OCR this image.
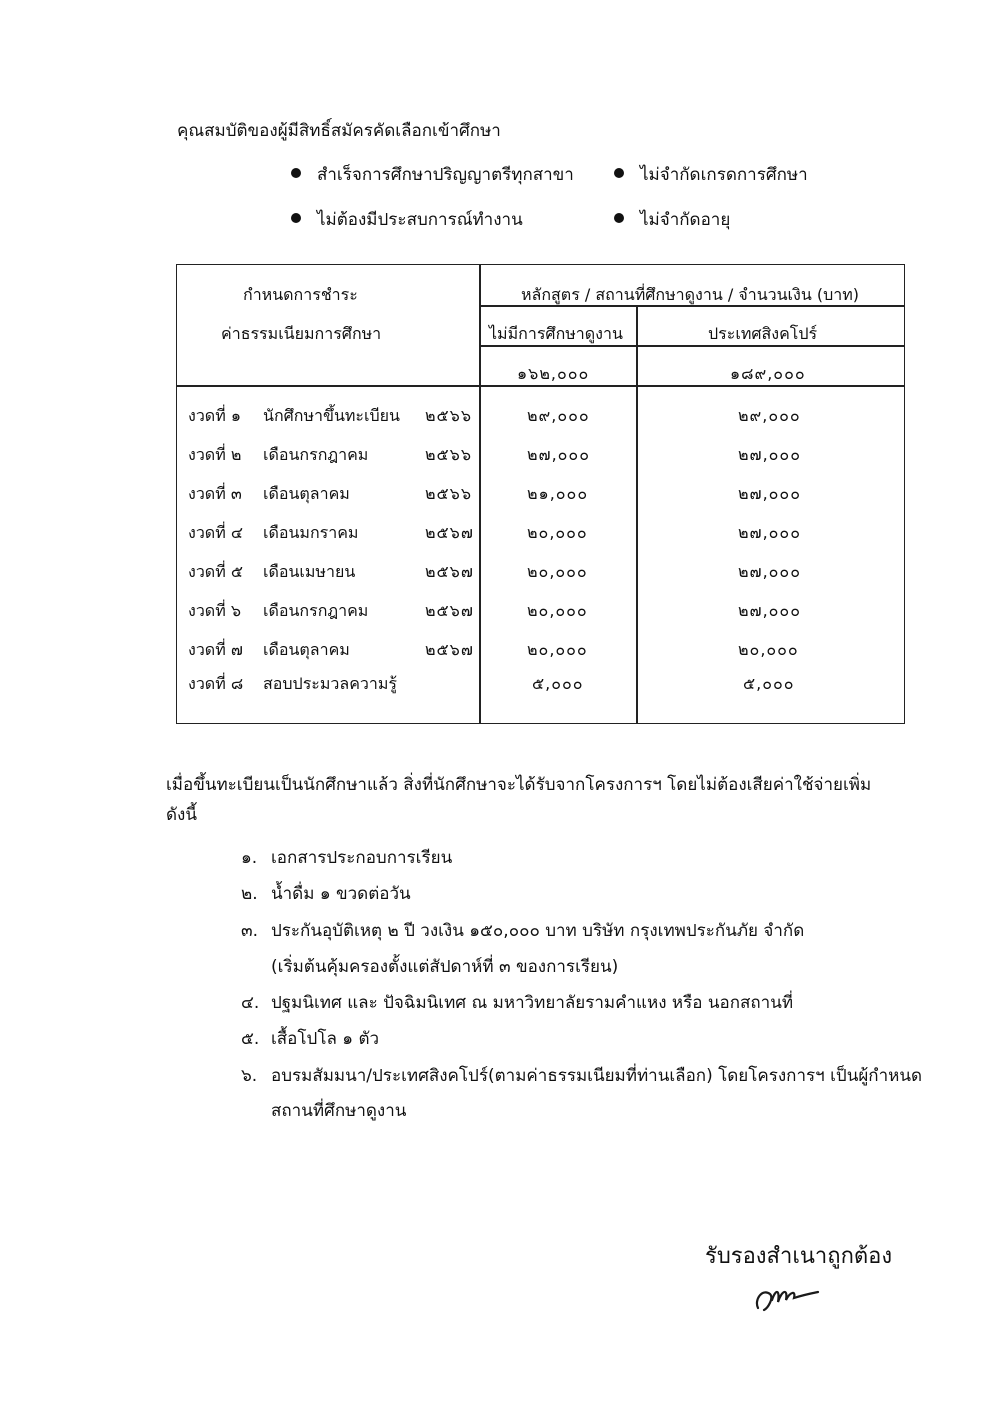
คุณสมบัติของผู้มีสิทธิ์สมัครคัดเลือกเข้าศึกษา
สำเร็จการศึกษาปริญญาตรีทุกสาขา	ไม่จำกัดเกรดการศึกษา
ไม่ต้องมีประสบการณ์ทำงาน	ไม่จำกัดอายุ
กำหนดการชำระ
ค่าธรรมเนียมการศึกษา
หลักสูตร / สถานที่ศึกษาดูงาน / จำนวนเงิน (บาท)
ไม่มีการศึกษาดูงาน	ประเทศสิงคโปร์
๑๖๒,๐๐๐	๑๘๙,๐๐๐
งวดที่ ๑ นักศึกษาขึ้นทะเบียน ๒๕๖๖	๒๙,๐๐๐	๒๙,๐๐๐
งวดที่ ๒ เดือนกรกฎาคม	๒๕๖๖	๒๗,๐๐๐	๒๗,๐๐๐
งวดที่ ๓ เดือนตุลาคม	๒๕๖๖	๒๑,๐๐๐	๒๗,๐๐๐
งวดที่ ๔ เดือนมกราคม	๒๕๖๗	๒๐,๐๐๐	๒๗,๐๐๐
งวดที่ ๕ เดือนเมษายน	๒๕๖๗	๒๐,๐๐๐	๒๗,๐๐๐
งวดที่ ๖ เดือนกรกฎาคม	๒๕๖๗	๒๐,๐๐๐	๒๗,๐๐๐
งวดที่ ๗ เดือนตุลาคม	๒๕๖๗	๒๐,๐๐๐	๒๐,๐๐๐
งวดที่ ๘ สอบประมวลความรู้	๕,๐๐๐	๕,๐๐๐
เมื่อขึ้นทะเบียนเป็นนักศึกษาแล้ว สิ่งที่นักศึกษาจะได้รับจากโครงการฯ โดยไม่ต้องเสียค่าใช้จ่ายเพิ่ม
ดังนี้
๑. เอกสารประกอบการเรียน
๒. น้ำดื่ม ๑ ขวดต่อวัน
๓. ประกันอุบัติเหตุ ๒ ปี วงเงิน ๑๕๐,๐๐๐ บาท บริษัท กรุงเทพประกันภัย จำกัด
(เริ่มต้นคุ้มครองตั้งแต่สัปดาห์ที่ ๓ ของการเรียน)
๔. ปฐมนิเทศ และ ปัจฉิมนิเทศ ณ มหาวิทยาลัยรามคำแหง หรือ นอกสถานที่
๕. เสื้อโปโล ๑ ตัว
๖. อบรมสัมมนา/ประเทศสิงคโปร์(ตามค่าธรรมเนียมที่ท่านเลือก) โดยโครงการฯ เป็นผู้กำหนด
สถานที่ศึกษาดูงาน
รับรองสำเนาถูกต้อง
